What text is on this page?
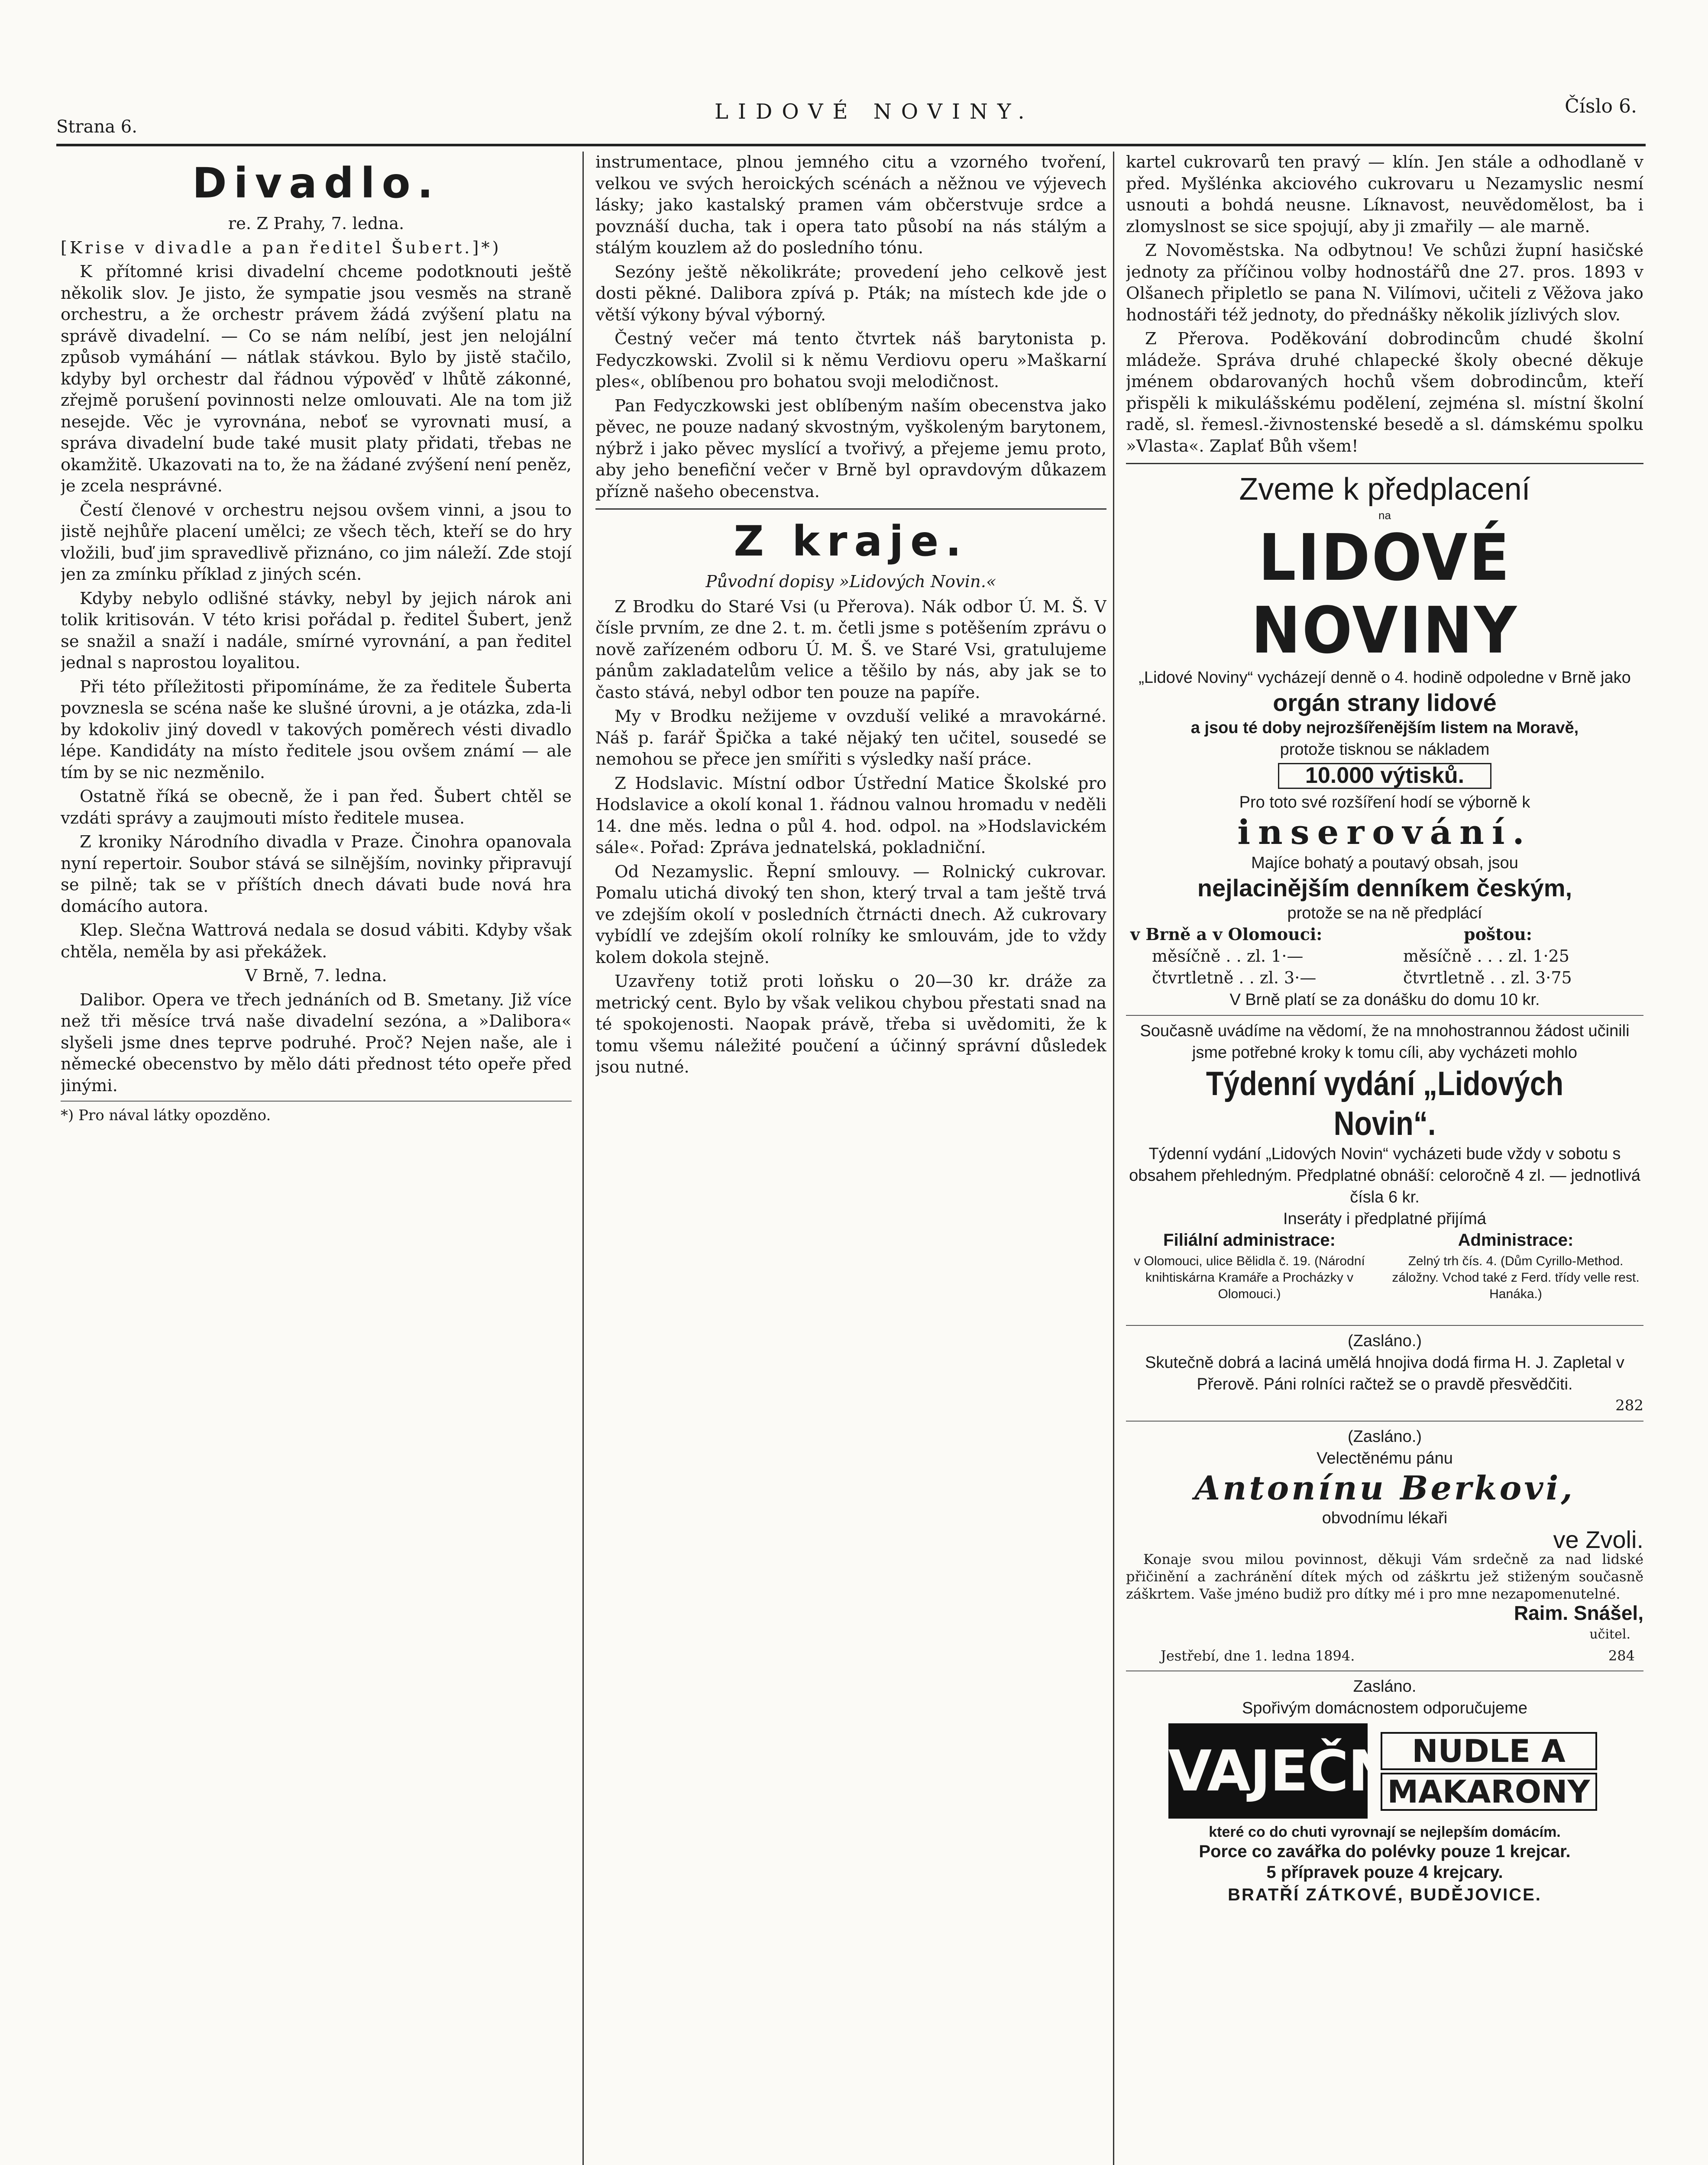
Strana 6.
LIDOVÉ NOVINY.	Číslo 6.
Divadlo.

re. Z Prahy, 7. ledna.

[Krise v divadle a pan ředitel Šubert.]*)

K přítomné krisi divadelní chceme podotknouti ještě několik slov. Je jisto, že sympatie jsou vesměs na straně orchestru, a že orchestr právem žádá zvýšení platu na správě divadelní. — Co se nám nelíbí, jest jen nelojální způsob vymáhání — nátlak stávkou. Bylo by jistě stačilo, kdyby byl orchestr dal řádnou výpověď v lhůtě zákonné, zřejmě porušení povinnosti nelze omlouvati. Ale na tom již nesejde. Věc je vyrovnána, neboť se vyrovnati musí, a správa divadelní bude také musit platy přidati, třebas ne okamžitě. Ukazovati na to, že na žádané zvýšení není peněz, je zcela nesprávné.

Čestí členové v orchestru nejsou ovšem vinni, a jsou to jistě nejhůře placení umělci; ze všech těch, kteří se do hry vložili, buď jim spravedlivě přiznáno, co jim náleží. Zde stojí jen za zmínku příklad z jiných scén.

Kdyby nebylo odlišné stávky, nebyl by jejich nárok ani tolik kritisován. V této krisi pořádal p. ředitel Šubert, jenž se snažil a snaží i nadále, smírné vyrovnání, a pan ředitel jednal s naprostou loyalitou.

Při této příležitosti připomínáme, že za ředitele Šuberta povznesla se scéna naše ke slušné úrovni, a je otázka, zda-li by kdokoliv jiný dovedl v takových poměrech vésti divadlo lépe. Kandidáty na místo ředitele jsou ovšem známí — ale tím by se nic nezměnilo.

Ostatně říká se obecně, že i pan řed. Šubert chtěl se vzdáti správy a zaujmouti místo ředitele musea.

Z kroniky Národního divadla v Praze. Činohra opanovala nyní repertoir. Soubor stává se silnějším, novinky připravují se pilně; tak se v příštích dnech dávati bude nová hra domácího autora.

Klep. Slečna Wattrová nedala se dosud vábiti. Kdyby však chtěla, neměla by asi překážek.

V Brně, 7. ledna.

Dalibor. Opera ve třech jednáních od B. Smetany. Již více než tři měsíce trvá naše divadelní sezóna, a »Dalibora« slyšeli jsme dnes teprve podruhé. Proč? Nejen naše, ale i německé obecenstvo by mělo dáti přednost této opeře před jinými.

*) Pro nával látky opozděno.

instrumentace, plnou jemného citu a vzorného tvoření, velkou ve svých heroických scénách a něžnou ve výjevech lásky; jako kastalský pramen vám občerstvuje srdce a povznáší ducha, tak i opera tato působí na nás stálým a stálým kouzlem až do posledního tónu.

Sezóny ještě několikráte; provedení jeho celkově jest dosti pěkné. Dalibora zpívá p. Pták; na místech kde jde o větší výkony býval výborný.

Čestný večer má tento čtvrtek náš barytonista p. Fedyczkowski. Zvolil si k němu Verdiovu operu »Maškarní ples«, oblíbenou pro bohatou svoji melodičnost.

Pan Fedyczkowski jest oblíbeným naším obecenstva jako pěvec, ne pouze nadaný skvostným, vyškoleným barytonem, nýbrž i jako pěvec myslící a tvořivý, a přejeme jemu proto, aby jeho benefiční večer v Brně byl opravdovým důkazem přízně našeho obecenstva.

Z kraje.

Původní dopisy »Lidových Novin.«

Z Brodku do Staré Vsi (u Přerova). Nák odbor Ú. M. Š. V čísle prvním, ze dne 2. t. m. četli jsme s potěšením zprávu o nově zařízeném odboru Ú. M. Š. ve Staré Vsi, gratulujeme pánům zakladatelům velice a těšilo by nás, aby jak se to často stává, nebyl odbor ten pouze na papíře.

My v Brodku nežijeme v ovzduší veliké a mravokárné. Náš p. farář Špička a také nějaký ten učitel, sousedé se nemohou se přece jen smířiti s výsledky naší práce.

Z Hodslavic. Místní odbor Ústřední Matice Školské pro Hodslavice a okolí konal 1. řádnou valnou hromadu v neděli 14. dne měs. ledna o půl 4. hod. odpol. na »Hodslavickém sále«. Pořad: Zpráva jednatelská, pokladniční.

Od Nezamyslic. Řepní smlouvy. — Rolnický cukrovar. Pomalu utichá divoký ten shon, který trval a tam ještě trvá ve zdejším okolí v posledních čtrnácti dnech. Až cukrovary vybídlí ve zdejším okolí rolníky ke smlouvám, jde to vždy kolem dokola stejně.

Uzavřeny totiž proti loňsku o 20—30 kr. dráže za metrický cent. Bylo by však velikou chybou přestati snad na té spokojenosti. Naopak právě, třeba si uvědomiti, že k tomu všemu náležité poučení a účinný správní důsledek jsou nutné.

kartel cukrovarů ten pravý — klín. Jen stále a odhodlaně v před. Myšlénka akciového cukrovaru u Nezamyslic nesmí usnouti a bohdá neusne. Líknavost, neuvědomělost, ba i zlomyslnost se sice spojují, aby ji zmařily — ale marně.

Z Novoměstska. Na odbytnou! Ve schůzi župní hasičské jednoty za příčinou volby hodnostářů dne 27. pros. 1893 v Olšanech připletlo se pana N. Vilímovi, učiteli z Věžova jako hodnostáři též jednoty, do přednášky několik jízlivých slov.

Z Přerova. Poděkování dobrodincům chudé školní mládeže. Správa druhé chlapecké školy obecné děkuje jménem obdarovaných hochů všem dobrodincům, kteří přispěli k mikulášskému podělení, zejména sl. místní školní radě, sl. řemesl.-živnostenské besedě a sl. dámskému spolku »Vlasta«. Zaplať Bůh všem!

Zveme k předplacení
na
LIDOVÉ NOVINY
„Lidové Noviny“ vycházejí denně o 4. hodině odpoledne v Brně jako
orgán strany lidové
a jsou té doby nejrozšířenějším listem na Moravě,
protože tisknou se nákladem
10.000 výtisků.
Pro toto své rozšíření hodí se výborně k
inserování.
Majíce bohatý a poutavý obsah, jsou
nejlacinějším denníkem českým,
protože se na ně předplácí
v Brně a v Olomouci:	poštou:
měsíčně . . zl. 1·—	měsíčně . . . zl. 1·25
čtvrtletně . . zl. 3·—	čtvrtletně . . zl. 3·75
V Brně platí se za donášku do domu 10 kr.
Současně uvádíme na vědomí, že na mnohostrannou žádost učinili jsme potřebné kroky k tomu cíli, aby vycházeti mohlo
Týdenní vydání „Lidových Novin“.
Týdenní vydání „Lidových Novin“ vycházeti bude vždy v sobotu s obsahem přehledným. Předplatné obnáší: celoročně 4 zl. — jednotlivá čísla 6 kr.
Inseráty i předplatné přijímá
Filiální administrace:	Administrace:
v Olomouci, ulice Bělidla č. 19. (Národní knihtiskárna Kramáře a Procházky v Olomouci.)
Zelný trh čís. 4. (Dům Cyrillo-Method. záložny. Vchod také z Ferd. třídy velle rest. Hanáka.)
(Zasláno.)
Skutečně dobrá a laciná umělá hnojiva dodá firma H. J. Zapletal v Přerově. Páni rolníci račtež se o pravdě přesvědčiti.
282
(Zasláno.)
Velectěnému pánu
Antonínu Berkovi,
obvodnímu lékaři
ve Zvoli.
Konaje svou milou povinnost, děkuji Vám srdečně za nad lidské přičinění a zachránění dítek mých od záškrtu jež stiženým současně záškrtem. Vaše jméno budiž pro dítky mé i pro mne nezapomenutelné.
Raim. Snášel,
učitel.
Jestřebí, dne 1. ledna 1894.	284
Zasláno.
Spořivým domácnostem odporučujeme
VAJEČNÉ
NUDLE A
MAKARONY
které co do chuti vyrovnají se nejlepším domácím.
Porce co zavářka do polévky pouze 1 krejcar.
5 přípravek pouze 4 krejcary.
BRATŘÍ ZÁTKOVÉ, BUDĚJOVICE.
